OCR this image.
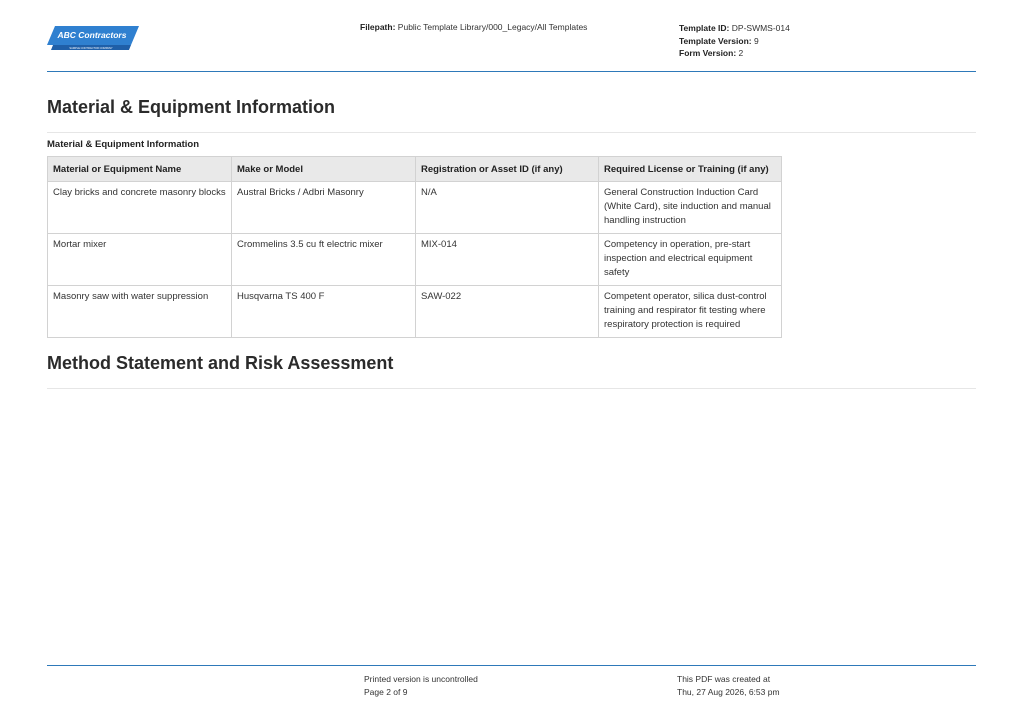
ABC Contractors
SAMPLE CONTRACTOR COMPANY
Filepath: Public Template Library/000_Legacy/All Templates	Template ID: DP-SWMS-014
Template Version: 9
Form Version: 2
Material & Equipment Information
Material & Equipment Information
Material or Equipment Name	Make or Model	Registration or Asset ID (if any)	Required License or Training (if any)
Clay bricks and concrete masonry blocks	Austral Bricks / Adbri Masonry	N/A	General Construction Induction Card (White Card), site induction and manual handling instruction
Mortar mixer	Crommelins 3.5 cu ft electric mixer	MIX-014	Competency in operation, pre-start inspection and electrical equipment safety
Masonry saw with water suppression	Husqvarna TS 400 F	SAW-022	Competent operator, silica dust-control training and respirator fit testing where respiratory protection is required
Method Statement and Risk Assessment
Printed version is uncontrolled
Page 2 of 9
This PDF was created at
Thu, 27 Aug 2026, 6:53 pm
